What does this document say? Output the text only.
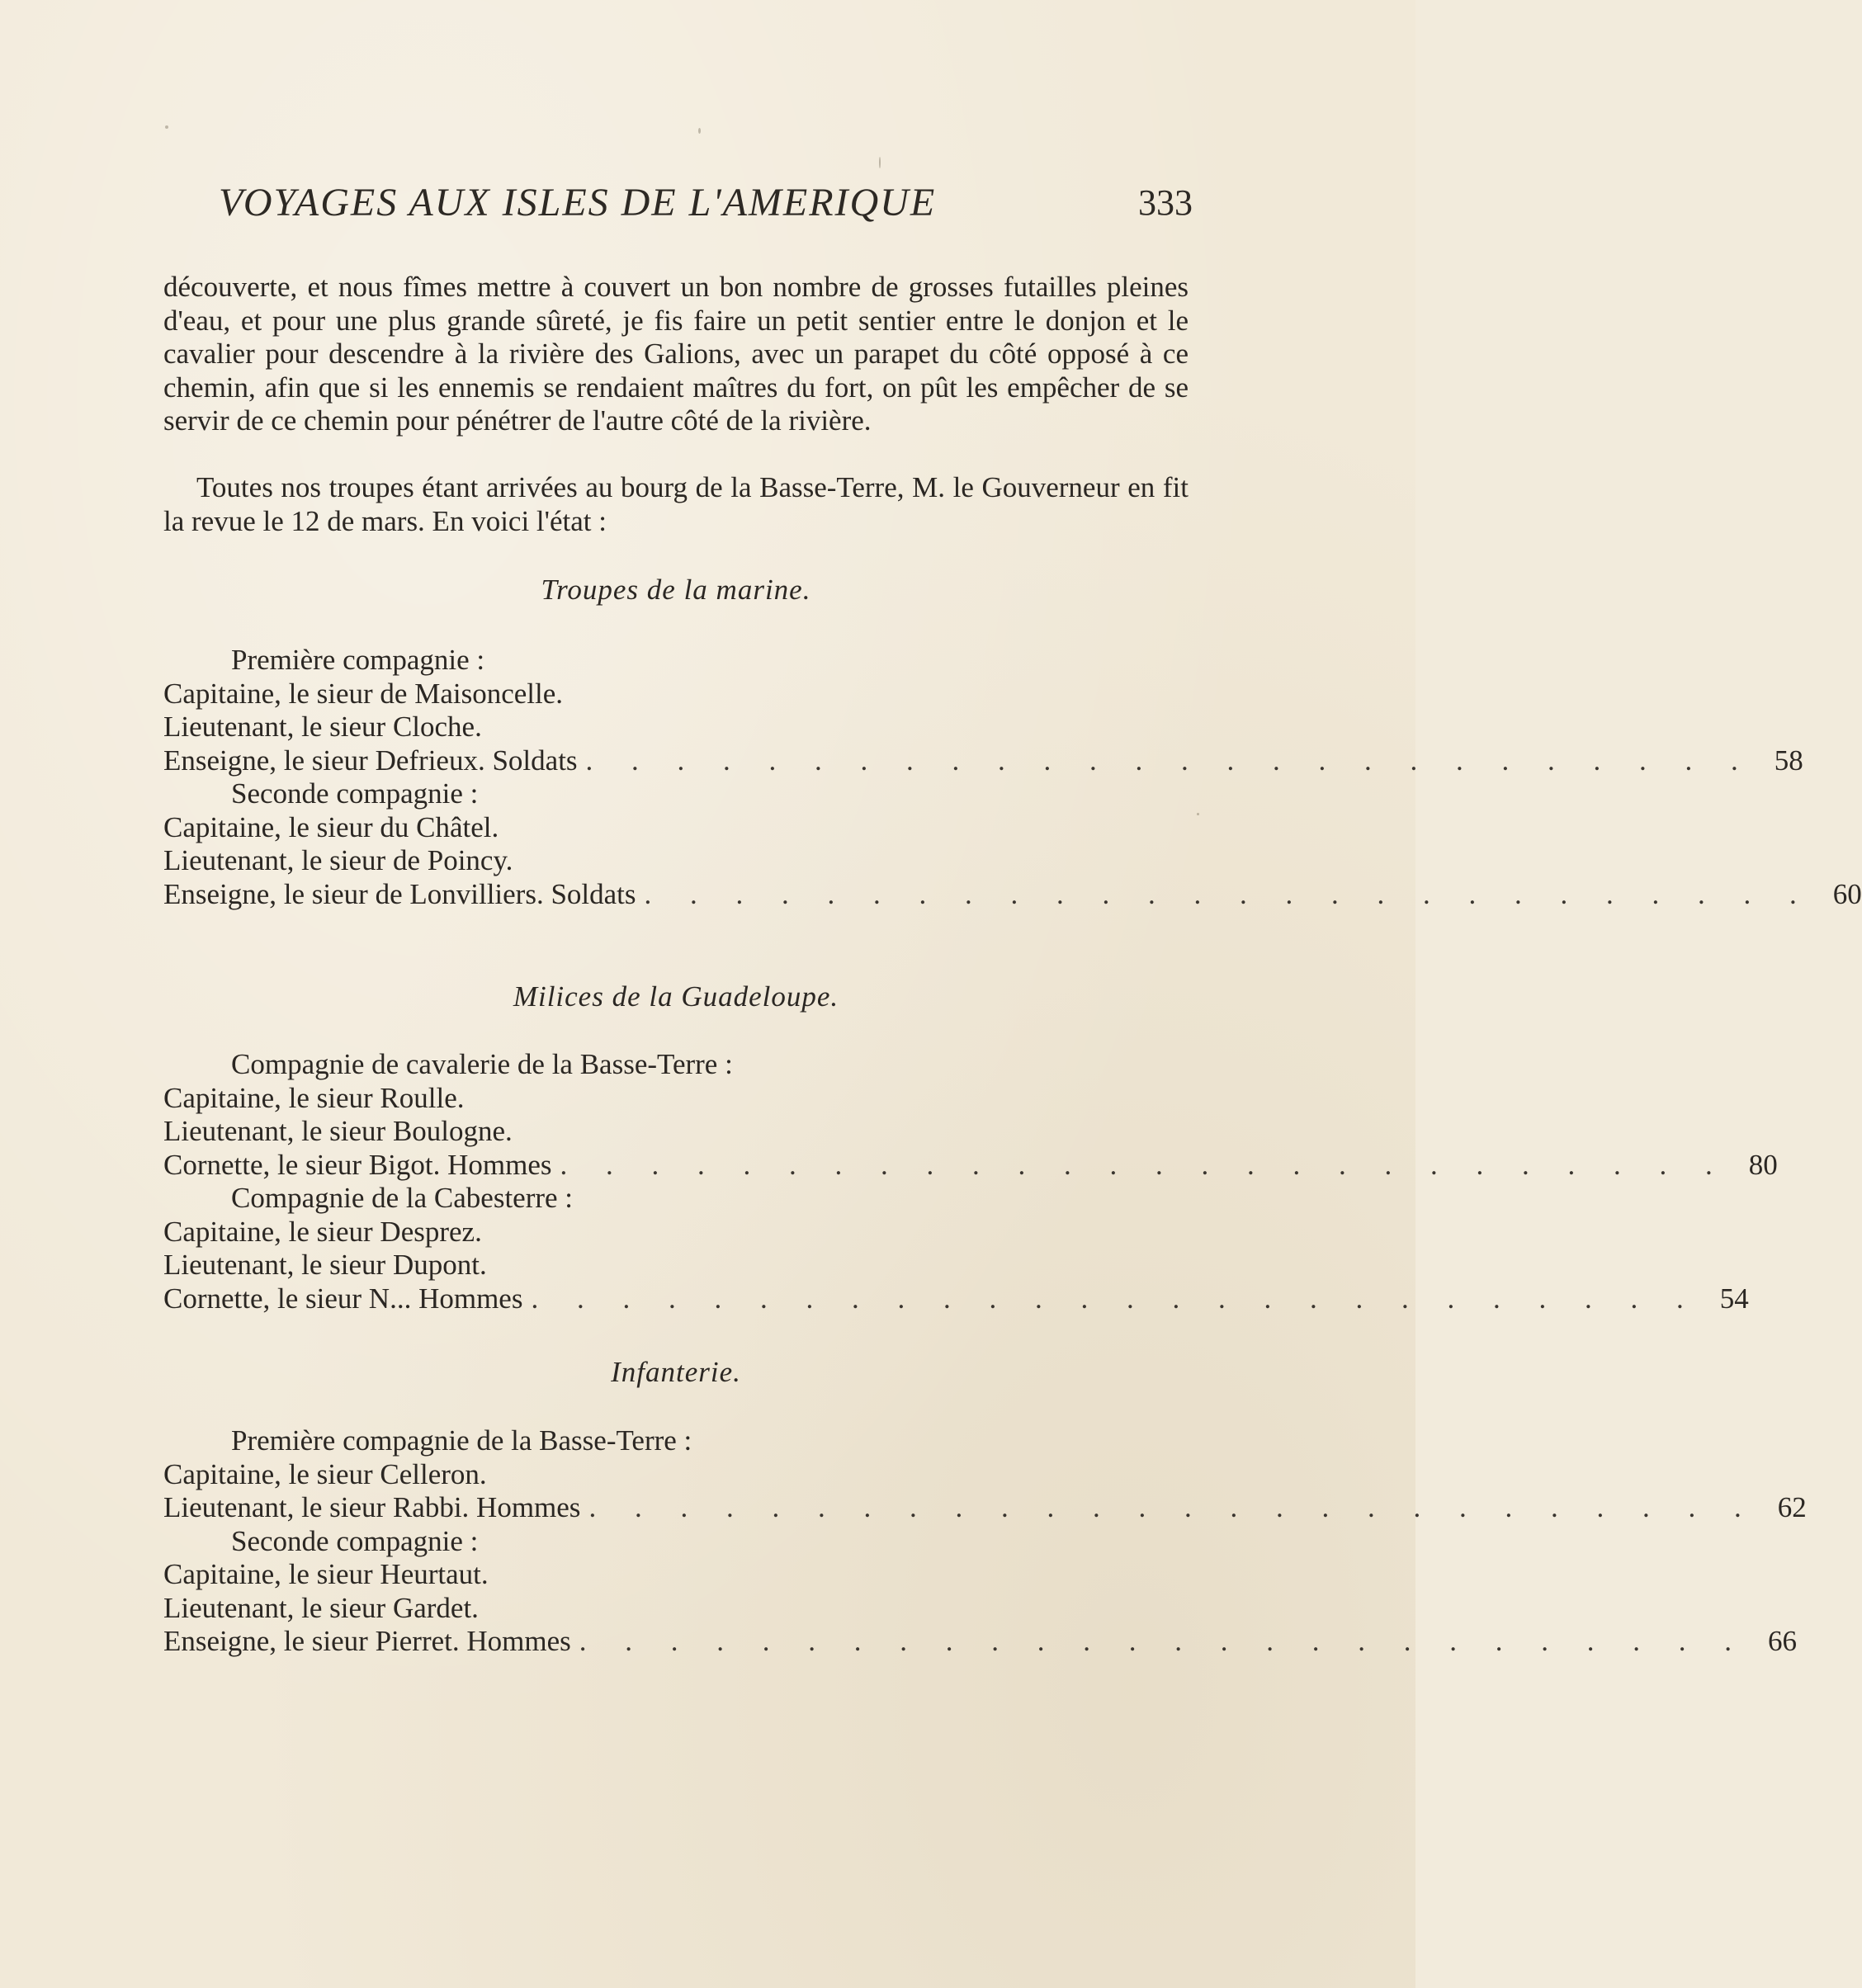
VOYAGES AUX ISLES DE L'AMERIQUE	333
découverte, et nous fîmes mettre à couvert un bon nombre de grosses futailles pleines d'eau, et pour une plus grande sûreté, je fis faire un petit sentier entre le donjon et le cavalier pour descendre à la rivière des Galions, avec un parapet du côté opposé à ce chemin, afin que si les ennemis se rendaient maîtres du fort, on pût les empêcher de se servir de ce chemin pour pénétrer de l'autre côté de la rivière.
Toutes nos troupes étant arrivées au bourg de la Basse-Terre, M. le Gouverneur en fit la revue le 12 de mars. En voici l'état :
Troupes de la marine.
Première compagnie :
Capitaine, le sieur de Maisoncelle.
Lieutenant, le sieur Cloche.
Enseigne, le sieur Defrieux. Soldats . . . . . . . . . . . . . . . . . . . . . . . . . . 58
Seconde compagnie :
Capitaine, le sieur du Châtel.
Lieutenant, le sieur de Poincy.
Enseigne, le sieur de Lonvilliers. Soldats . . . . . . . . . . . . . . . . . . . . . . . . . . 60
Milices de la Guadeloupe.
Compagnie de cavalerie de la Basse-Terre :
Capitaine, le sieur Roulle.
Lieutenant, le sieur Boulogne.
Cornette, le sieur Bigot. Hommes . . . . . . . . . . . . . . . . . . . . . . . . . . 80
Compagnie de la Cabesterre :
Capitaine, le sieur Desprez.
Lieutenant, le sieur Dupont.
Cornette, le sieur N... Hommes . . . . . . . . . . . . . . . . . . . . . . . . . . 54
Infanterie.
Première compagnie de la Basse-Terre :
Capitaine, le sieur Celleron.
Lieutenant, le sieur Rabbi. Hommes . . . . . . . . . . . . . . . . . . . . . . . . . . 62
Seconde compagnie :
Capitaine, le sieur Heurtaut.
Lieutenant, le sieur Gardet.
Enseigne, le sieur Pierret. Hommes . . . . . . . . . . . . . . . . . . . . . . . . . . 66
